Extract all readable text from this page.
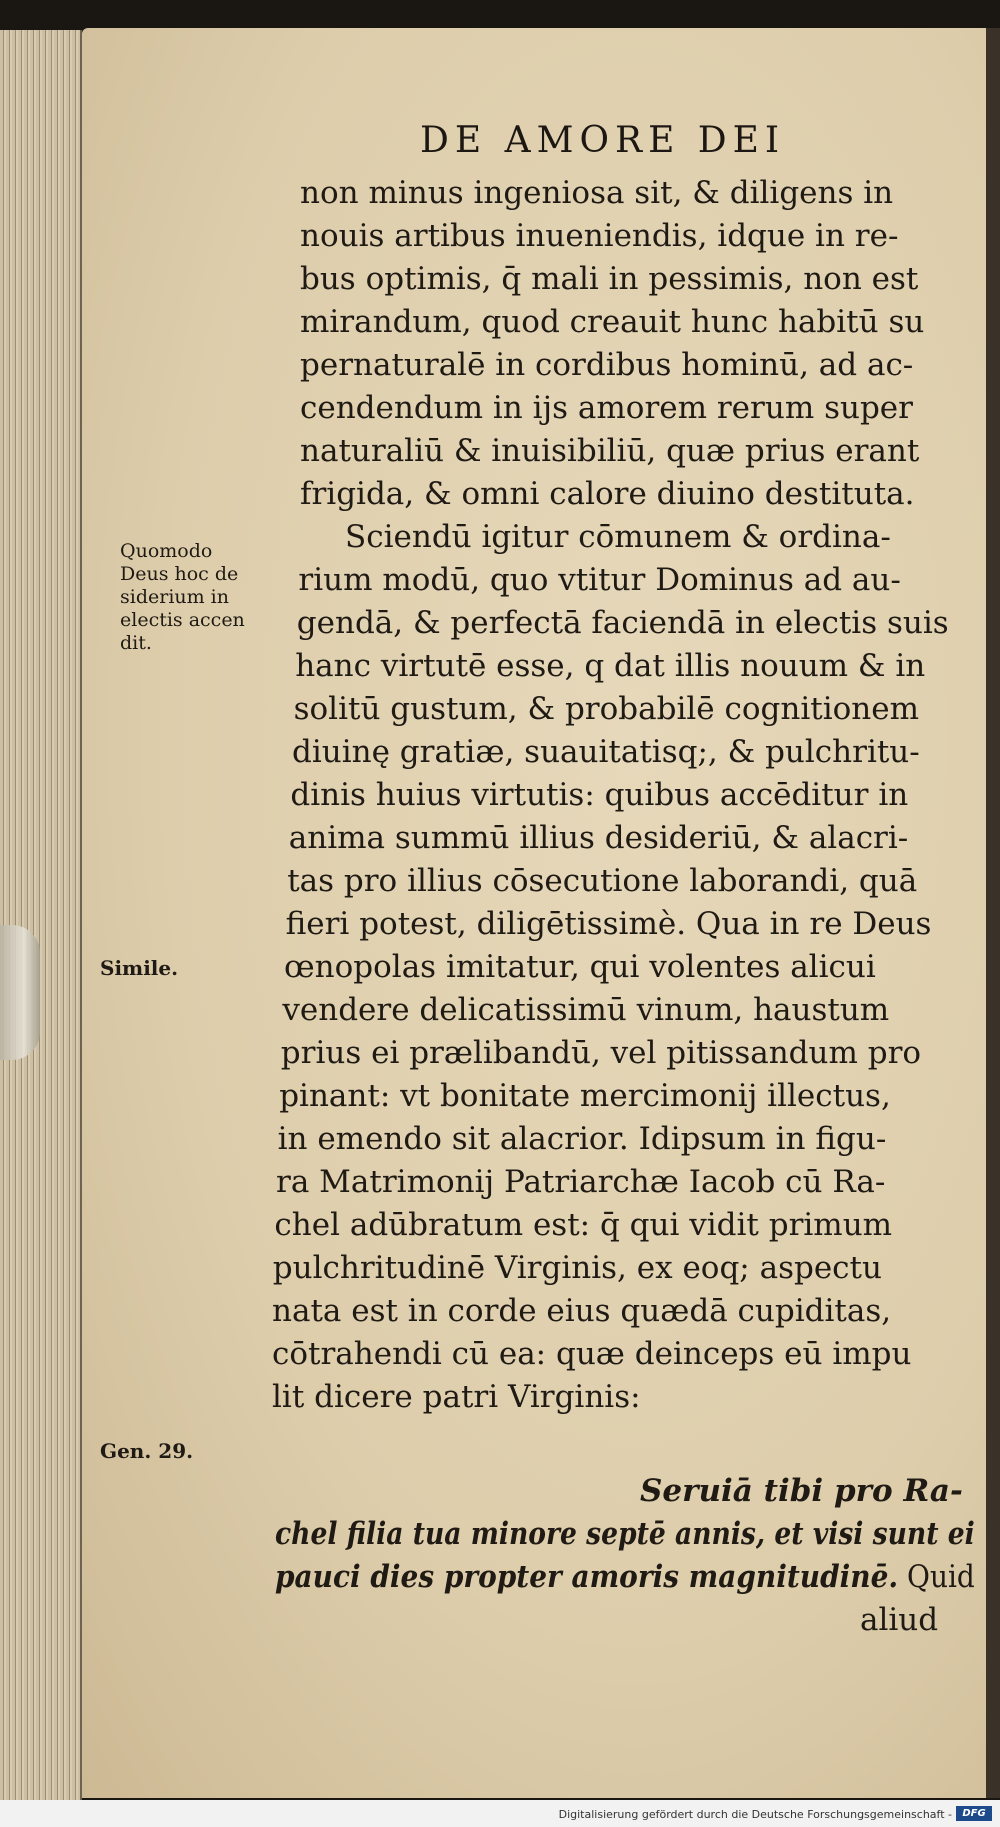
DE AMORE DEI
non minus ingeniosa sit, & diligens in
nouis artibus inueniendis, idque in re-
bus optimis, q̄ mali in pessimis, non est
mirandum, quod creauit hunc habitū su
pernaturalē in cordibus hominū, ad ac-
cendendum in ijs amorem rerum super
naturaliū & inuisibiliū, quæ prius erant
frigida, & omni calore diuino destituta.
Sciendū igitur cōmunem & ordina-
rium modū, quo vtitur Dominus ad au-
gendā, & perfectā faciendā in electis suis
hanc virtutē esse, q dat illis nouum & in
solitū gustum, & probabilē cognitionem
diuinę gratiæ, suauitatisq;, & pulchritu-
dinis huius virtutis: quibus accēditur in
anima summū illius desideriū, & alacri-
tas pro illius cōsecutione laborandi, quā
fieri potest, diligētissimè. Qua in re Deus
œnopolas imitatur, qui volentes alicui
vendere delicatissimū vinum, haustum
prius ei prælibandū, vel pitissandum pro
pinant: vt bonitate mercimonij illectus,
in emendo sit alacrior. Idipsum in figu-
ra Matrimonij Patriarchæ Iacob cū Ra-
chel adūbratum est: q̄ qui vidit primum
pulchritudinē Virginis, ex eoq; aspectu
nata est in corde eius quædā cupiditas,
cōtrahendi cū ea: quæ deinceps eū impu
lit dicere patri Virginis:
Quomodo
Deus hoc de
siderium in
electis accen
dit.
Simile.
Gen. 29.
Seruiā tibi pro Ra-
chel filia tua minore septē annis, et visi sunt ei
pauci dies propter amoris magnitudinē. Quid
aliud
Digitalisierung gefördert durch die Deutsche Forschungsgemeinschaft -	DFG
